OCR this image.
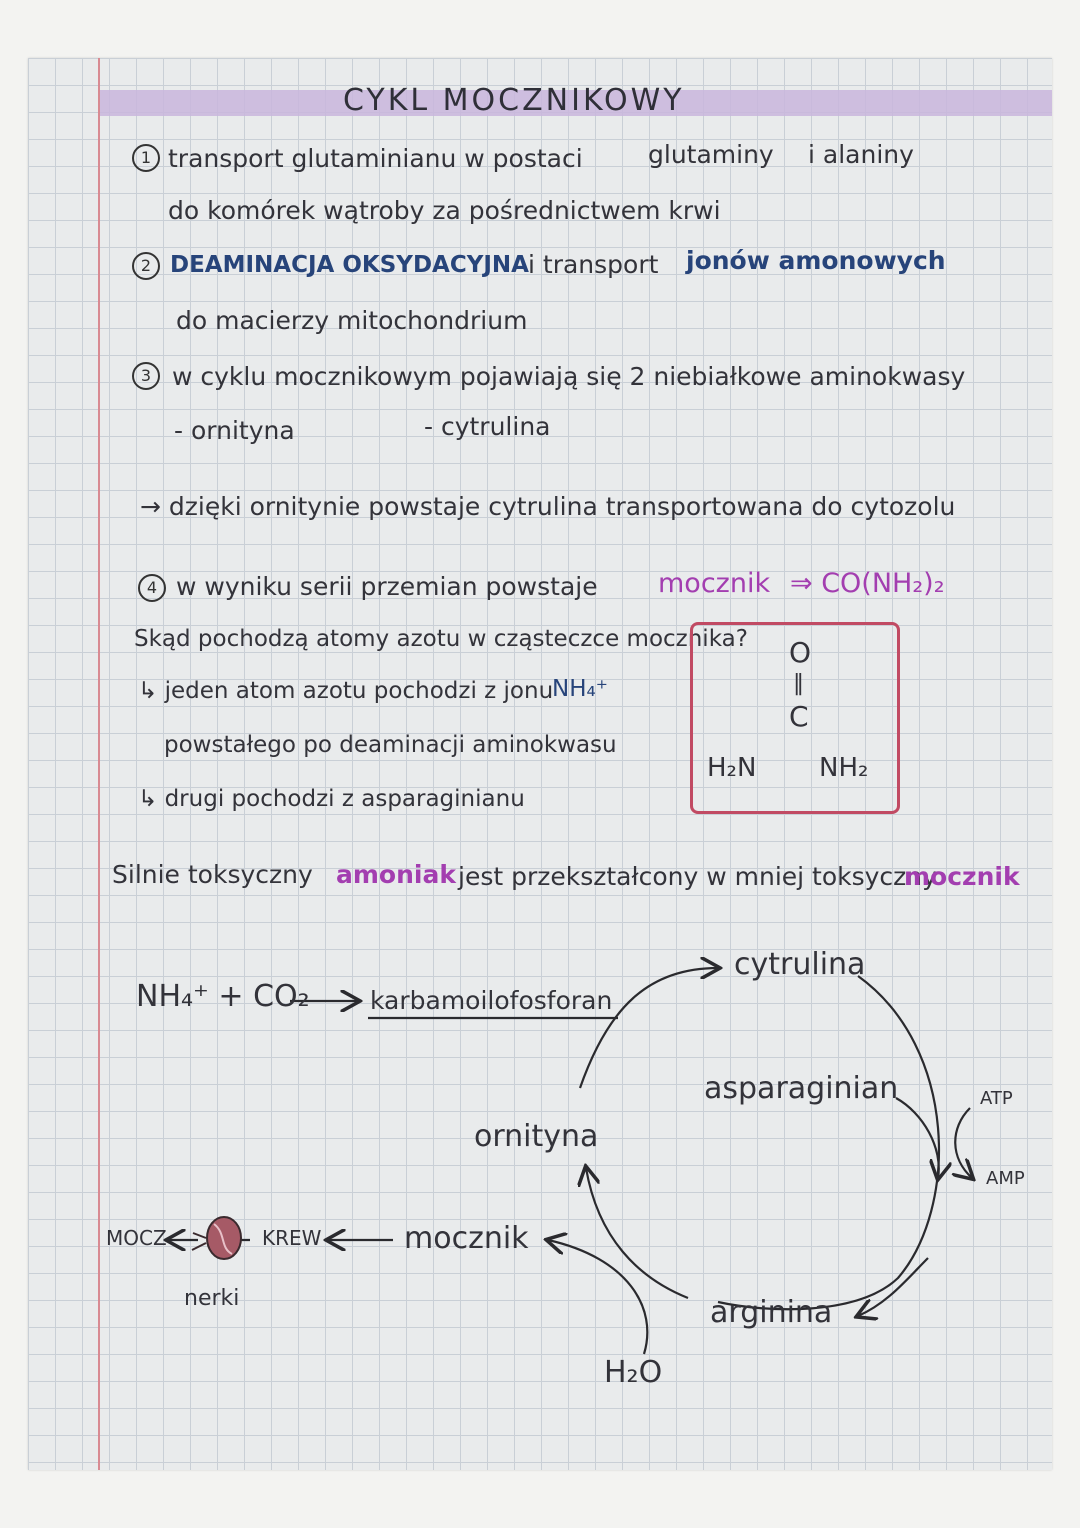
CYKL MOCZNIKOWY
1 transport glutaminianu w postaci	glutaminy i alaniny
do komórek wątroby za pośrednictwem krwi
2 DEAMINACJA OKSYDACYJNA i transport jonów amonowych
do macierzy mitochondrium
3 w cyklu mocznikowym pojawiają się 2 niebiałkowe aminokwasy
- ornityna	- cytrulina
→ dzięki ornitynie powstaje cytrulina transportowana do cytozolu
4 w wyniku serii przemian powstaje mocznik ⇒ CO(NH₂)₂
Skąd pochodzą atomy azotu w cząsteczce mocznika?
↳ jeden atom azotu pochodzi z jonu
NH₄⁺
powstałego po deaminacji aminokwasu
↳ drugi pochodzi z asparaginianu
O
‖
C
H₂N NH₂
Silnie toksyczny amoniak jest przekształcony w mniej toksyczny
mocznik
NH₄⁺ + CO₂ karbamoilofosforan
cytrulina
asparaginian
ornityna
arginina
ATP
AMP
H₂O
mocznik
KREW
MOCZ
nerki
